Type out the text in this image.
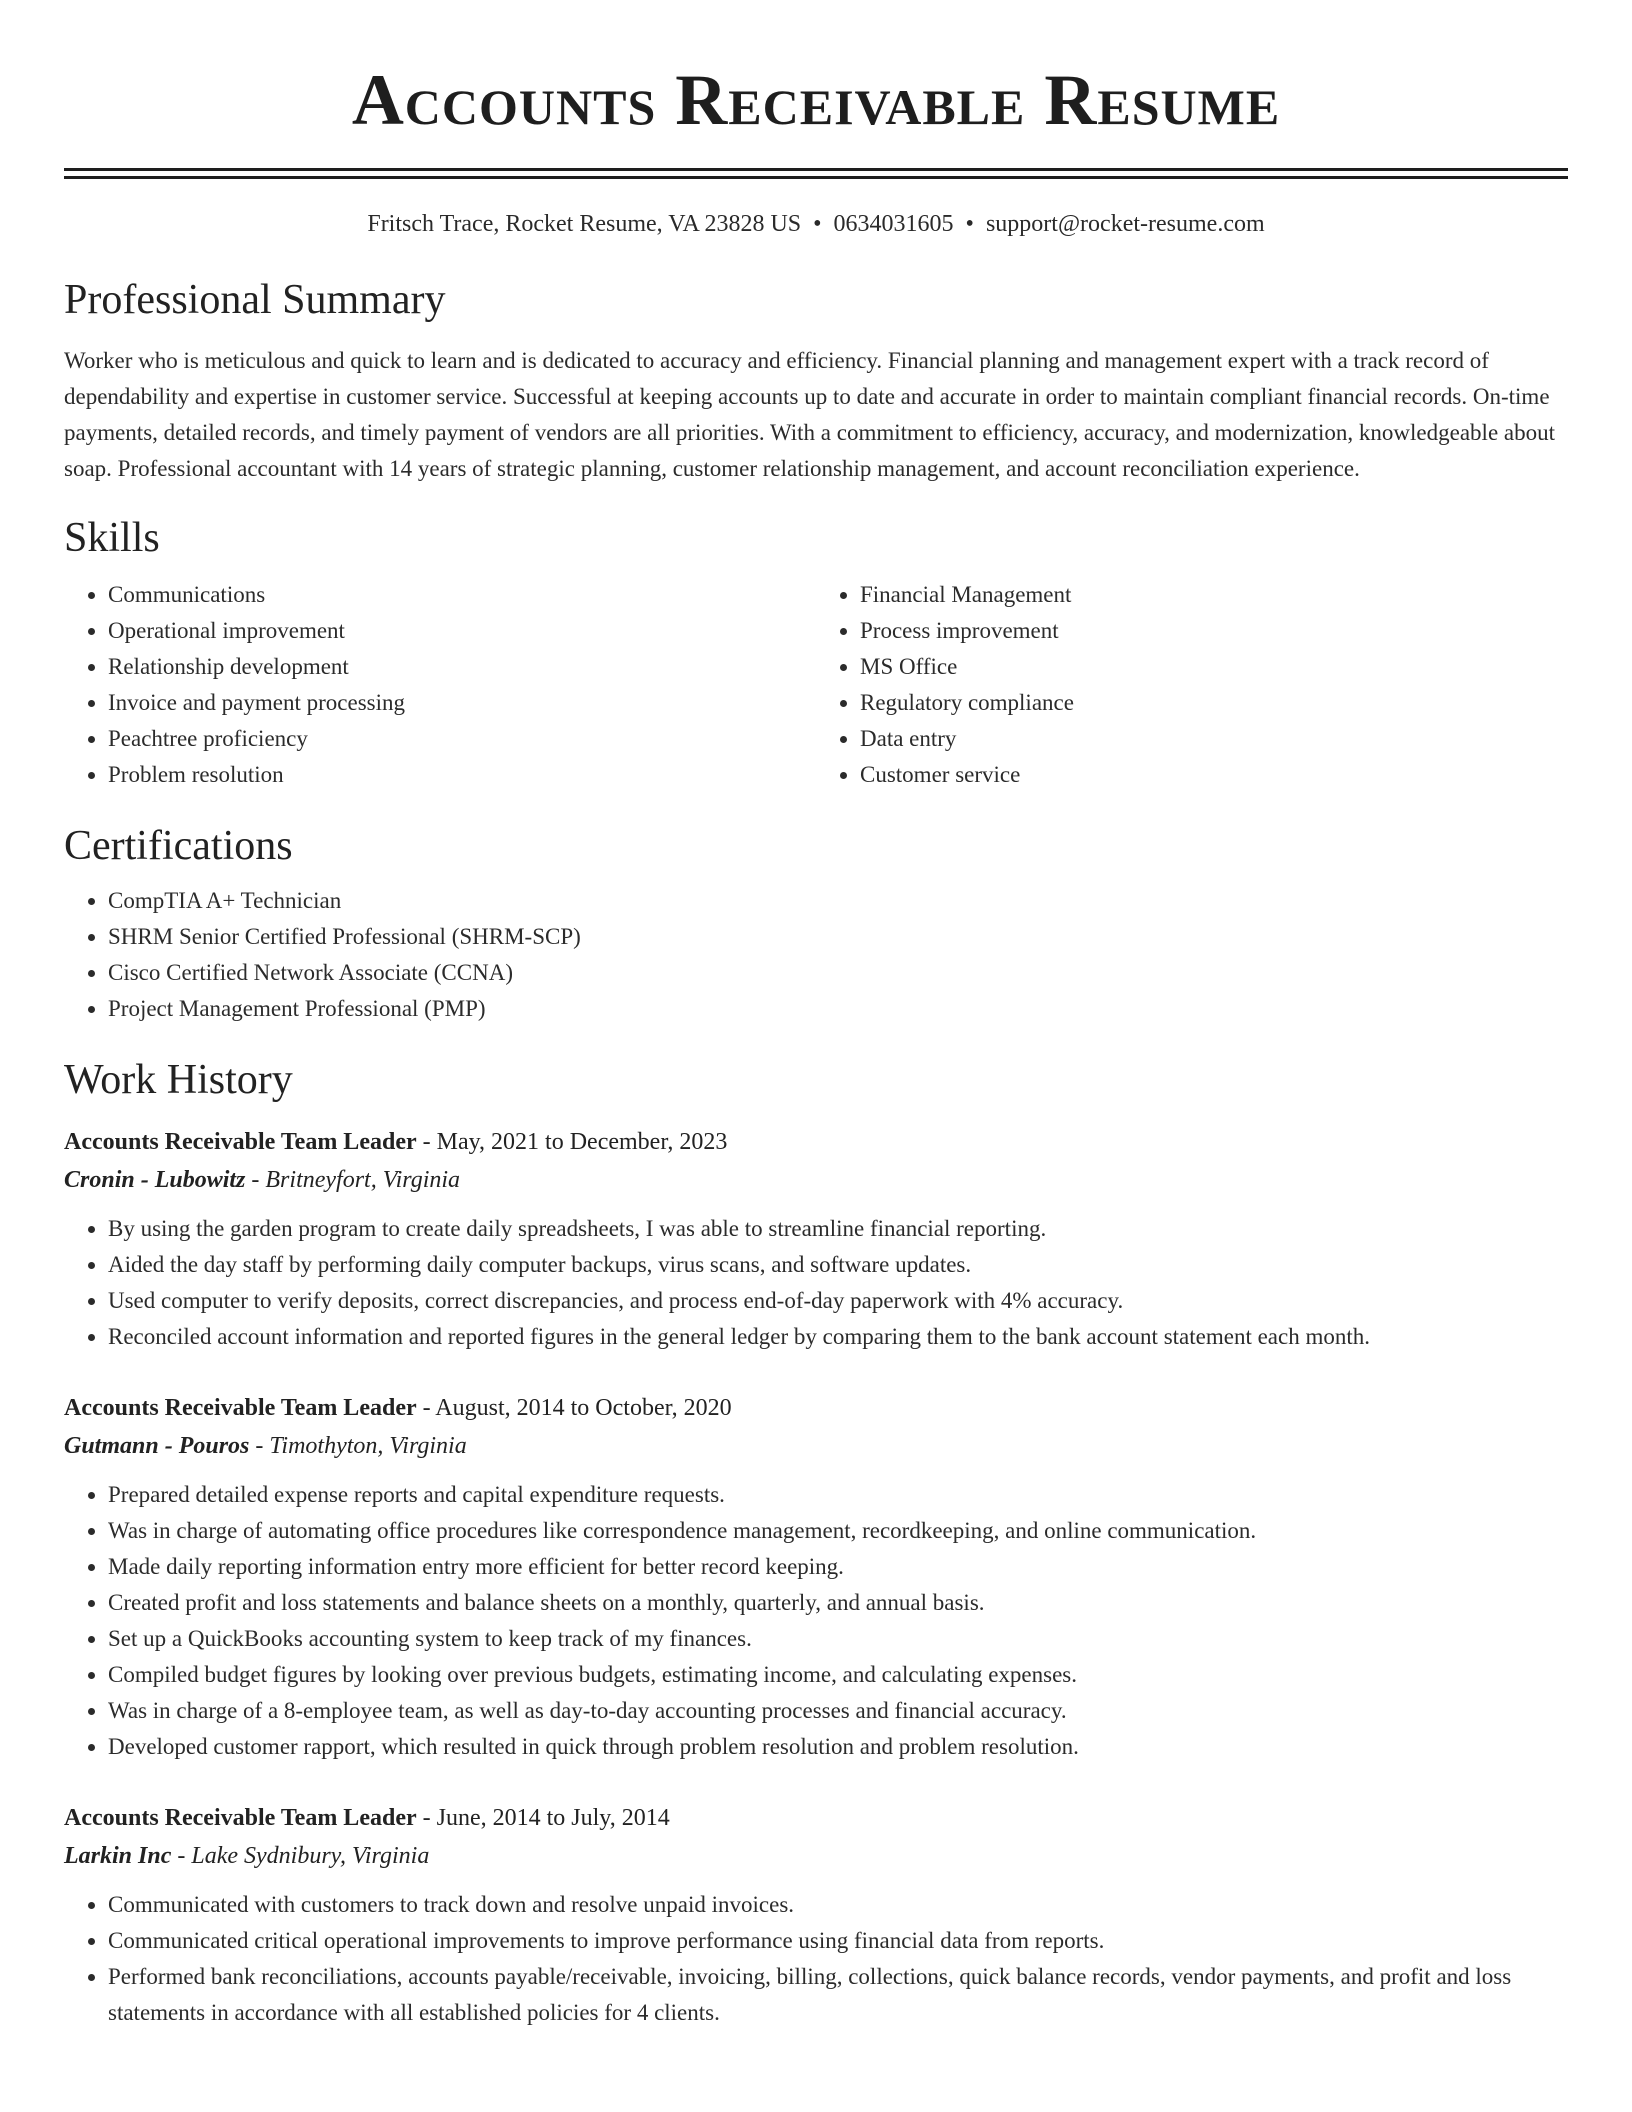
Accounts Receivable Resume
Fritsch Trace, Rocket Resume, VA 23828 US • 0634031605 • support@rocket-resume.com
Professional Summary

Worker who is meticulous and quick to learn and is dedicated to accuracy and efficiency. Financial planning and management expert with a track record of dependability and expertise in customer service. Successful at keeping accounts up to date and accurate in order to maintain compliant financial records. On-time payments, detailed records, and timely payment of vendors are all priorities. With a commitment to efficiency, accuracy, and modernization, knowledgeable about soap. Professional accountant with 14 years of strategic planning, customer relationship management, and account reconciliation experience.

Skills
• Communications
• Operational improvement
• Relationship development
• Invoice and payment processing
• Peachtree proficiency
• Problem resolution
• Financial Management
• Process improvement
• MS Office
• Regulatory compliance
• Data entry
• Customer service
Certifications
• CompTIA A+ Technician
• SHRM Senior Certified Professional (SHRM-SCP)
• Cisco Certified Network Associate (CCNA)
• Project Management Professional (PMP)
Work History
Accounts Receivable Team Leader - May, 2021 to December, 2023
Cronin - Lubowitz - Britneyfort, Virginia
• By using the garden program to create daily spreadsheets, I was able to streamline financial reporting.
• Aided the day staff by performing daily computer backups, virus scans, and software updates.
• Used computer to verify deposits, correct discrepancies, and process end-of-day paperwork with 4% accuracy.
• Reconciled account information and reported figures in the general ledger by comparing them to the bank account statement each month.
Accounts Receivable Team Leader - August, 2014 to October, 2020
Gutmann - Pouros - Timothyton, Virginia
• Prepared detailed expense reports and capital expenditure requests.
• Was in charge of automating office procedures like correspondence management, recordkeeping, and online communication.
• Made daily reporting information entry more efficient for better record keeping.
• Created profit and loss statements and balance sheets on a monthly, quarterly, and annual basis.
• Set up a QuickBooks accounting system to keep track of my finances.
• Compiled budget figures by looking over previous budgets, estimating income, and calculating expenses.
• Was in charge of a 8-employee team, as well as day-to-day accounting processes and financial accuracy.
• Developed customer rapport, which resulted in quick through problem resolution and problem resolution.
Accounts Receivable Team Leader - June, 2014 to July, 2014
Larkin Inc - Lake Sydnibury, Virginia
• Communicated with customers to track down and resolve unpaid invoices.
• Communicated critical operational improvements to improve performance using financial data from reports.
• Performed bank reconciliations, accounts payable/receivable, invoicing, billing, collections, quick balance records, vendor payments, and profit and loss statements in accordance with all established policies for 4 clients.
